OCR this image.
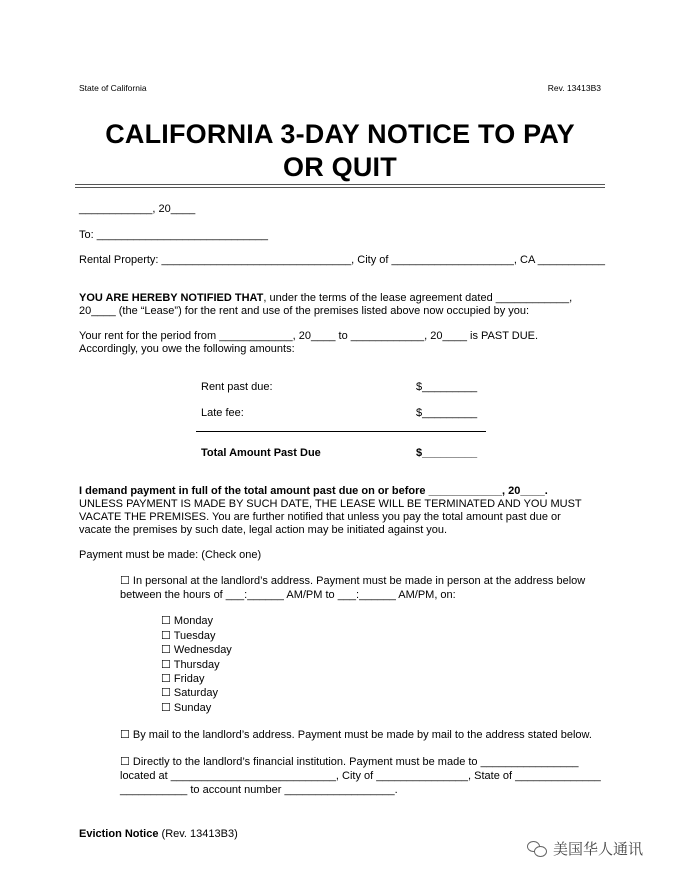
State of California	Rev. 13413B3
CALIFORNIA 3-DAY NOTICE TO PAY
OR QUIT
____________, 20____
To: ____________________________
Rental Property: _______________________________, City of ____________________, CA ___________
YOU ARE HEREBY NOTIFIED THAT, under the terms of the lease agreement dated ____________,
20____ (the “Lease”) for the rent and use of the premises listed above now occupied by you:
Your rent for the period from ____________, 20____ to ____________, 20____ is PAST DUE.
Accordingly, you owe the following amounts:
Rent past due:	$_________
Late fee:	$_________
Total Amount Past Due	$_________
I demand payment in full of the total amount past due on or before ____________, 20____.
UNLESS PAYMENT IS MADE BY SUCH DATE, THE LEASE WILL BE TERMINATED AND YOU MUST
VACATE THE PREMISES. You are further notified that unless you pay the total amount past due or
vacate the premises by such date, legal action may be initiated against you.
Payment must be made: (Check one)
☐ In personal at the landlord’s address. Payment must be made in person at the address below
between the hours of ___:______ AM/PM to ___:______ AM/PM, on:
☐ Monday
☐ Tuesday
☐ Wednesday
☐ Thursday
☐ Friday
☐ Saturday
☐ Sunday
☐ By mail to the landlord’s address. Payment must be made by mail to the address stated below.
☐ Directly to the landlord’s financial institution. Payment must be made to ________________
located at ___________________________, City of _______________, State of ______________
___________ to account number __________________.
Eviction Notice (Rev. 13413B3)
美国华人通讯
